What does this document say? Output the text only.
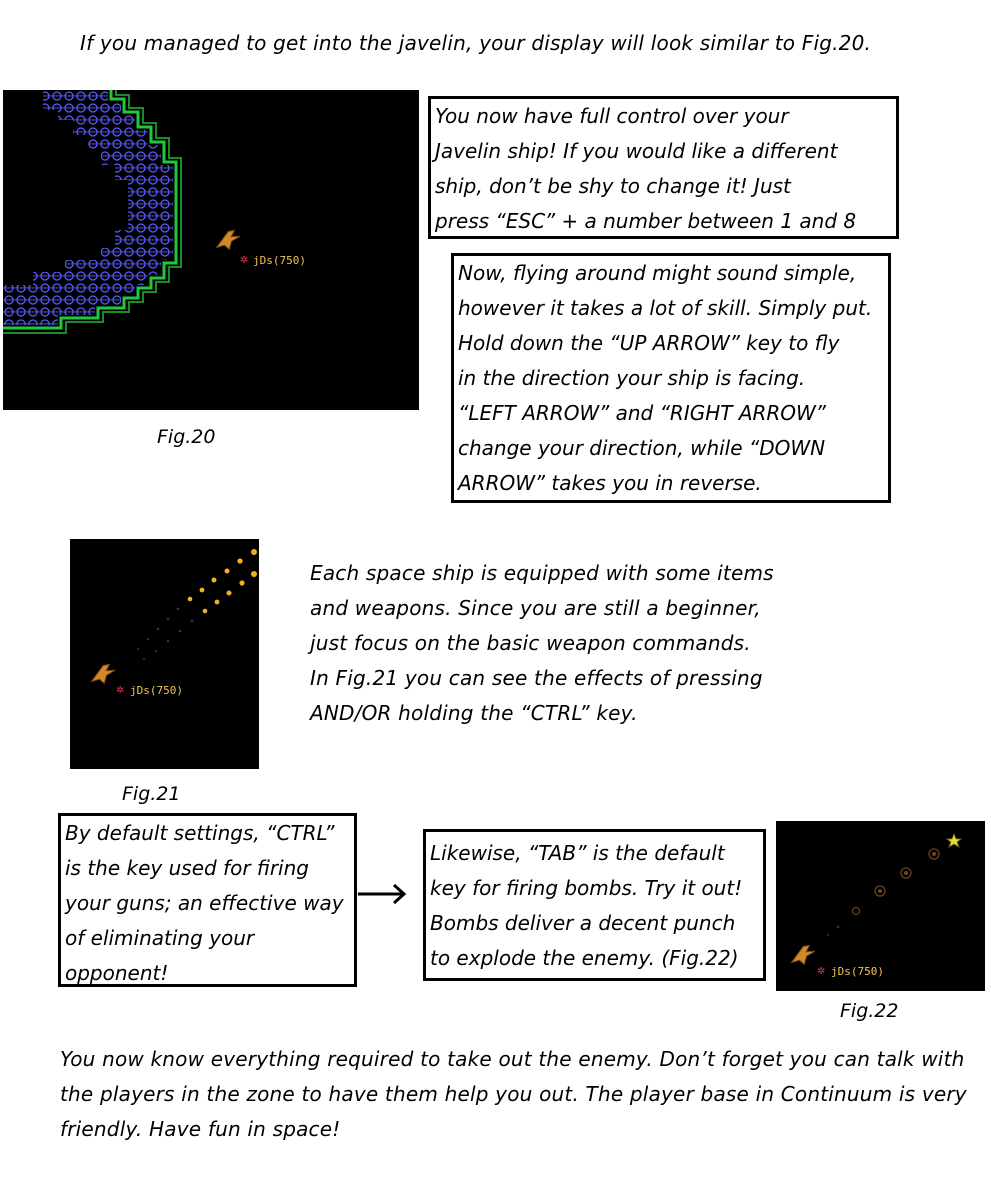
If you managed to get into the javelin, your display will look similar to Fig.20.
✲ jDs(750)
Fig.20
You now have full control over your
Javelin ship! If you would like a different
ship, don’t be shy to change it! Just
press “ESC” + a number between 1 and 8
Now, flying around might sound simple,
however it takes a lot of skill. Simply put.
Hold down the “UP ARROW” key to fly
in the direction your ship is facing.
“LEFT ARROW” and “RIGHT ARROW”
change your direction, while “DOWN
ARROW” takes you in reverse.
✲ jDs(750)
Fig.21
Each space ship is equipped with some items
and weapons. Since you are still a beginner,
just focus on the basic weapon commands.
In Fig.21 you can see the effects of pressing
AND/OR holding the “CTRL” key.
By default settings, “CTRL”
is the key used for firing
your guns; an effective way
of eliminating your
opponent!
Likewise, “TAB” is the default
key for firing bombs. Try it out!
Bombs deliver a decent punch
to explode the enemy. (Fig.22)
✲ jDs(750)
Fig.22
You now know everything required to take out the enemy. Don’t forget you can talk with
the players in the zone to have them help you out. The player base in Continuum is very
friendly. Have fun in space!
